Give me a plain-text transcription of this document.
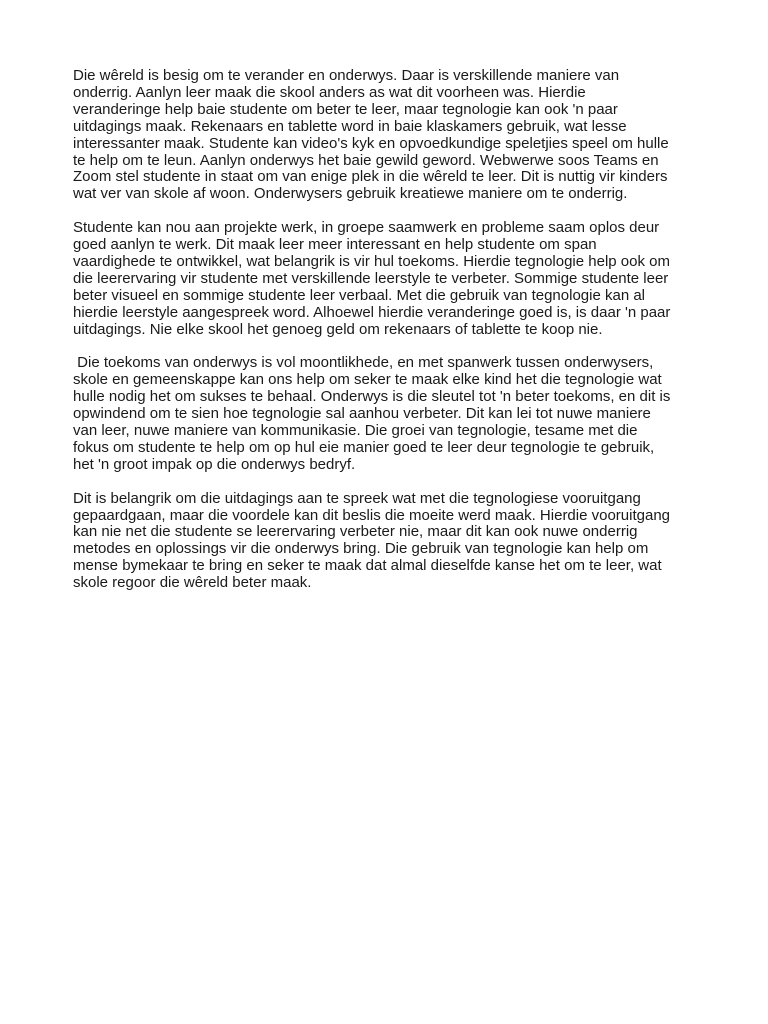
Die wêreld is besig om te verander en onderwys. Daar is verskillende maniere van
onderrig. Aanlyn leer maak die skool anders as wat dit voorheen was. Hierdie
veranderinge help baie studente om beter te leer, maar tegnologie kan ook 'n paar
uitdagings maak. Rekenaars en tablette word in baie klaskamers gebruik, wat lesse
interessanter maak. Studente kan video's kyk en opvoedkundige speletjies speel om hulle
te help om te leun. Aanlyn onderwys het baie gewild geword. Webwerwe soos Teams en
Zoom stel studente in staat om van enige plek in die wêreld te leer. Dit is nuttig vir kinders
wat ver van skole af woon. Onderwysers gebruik kreatiewe maniere om te onderrig.

Studente kan nou aan projekte werk, in groepe saamwerk en probleme saam oplos deur
goed aanlyn te werk. Dit maak leer meer interessant en help studente om span
vaardighede te ontwikkel, wat belangrik is vir hul toekoms. Hierdie tegnologie help ook om
die leerervaring vir studente met verskillende leerstyle te verbeter. Sommige studente leer
beter visueel en sommige studente leer verbaal. Met die gebruik van tegnologie kan al
hierdie leerstyle aangespreek word. Alhoewel hierdie veranderinge goed is, is daar 'n paar
uitdagings. Nie elke skool het genoeg geld om rekenaars of tablette te koop nie.

Die toekoms van onderwys is vol moontlikhede, en met spanwerk tussen onderwysers,
skole en gemeenskappe kan ons help om seker te maak elke kind het die tegnologie wat
hulle nodig het om sukses te behaal. Onderwys is die sleutel tot 'n beter toekoms, en dit is
opwindend om te sien hoe tegnologie sal aanhou verbeter. Dit kan lei tot nuwe maniere
van leer, nuwe maniere van kommunikasie. Die groei van tegnologie, tesame met die
fokus om studente te help om op hul eie manier goed te leer deur tegnologie te gebruik,
het 'n groot impak op die onderwys bedryf.

Dit is belangrik om die uitdagings aan te spreek wat met die tegnologiese vooruitgang
gepaardgaan, maar die voordele kan dit beslis die moeite werd maak. Hierdie vooruitgang
kan nie net die studente se leerervaring verbeter nie, maar dit kan ook nuwe onderrig
metodes en oplossings vir die onderwys bring. Die gebruik van tegnologie kan help om
mense bymekaar te bring en seker te maak dat almal dieselfde kanse het om te leer, wat
skole regoor die wêreld beter maak.
